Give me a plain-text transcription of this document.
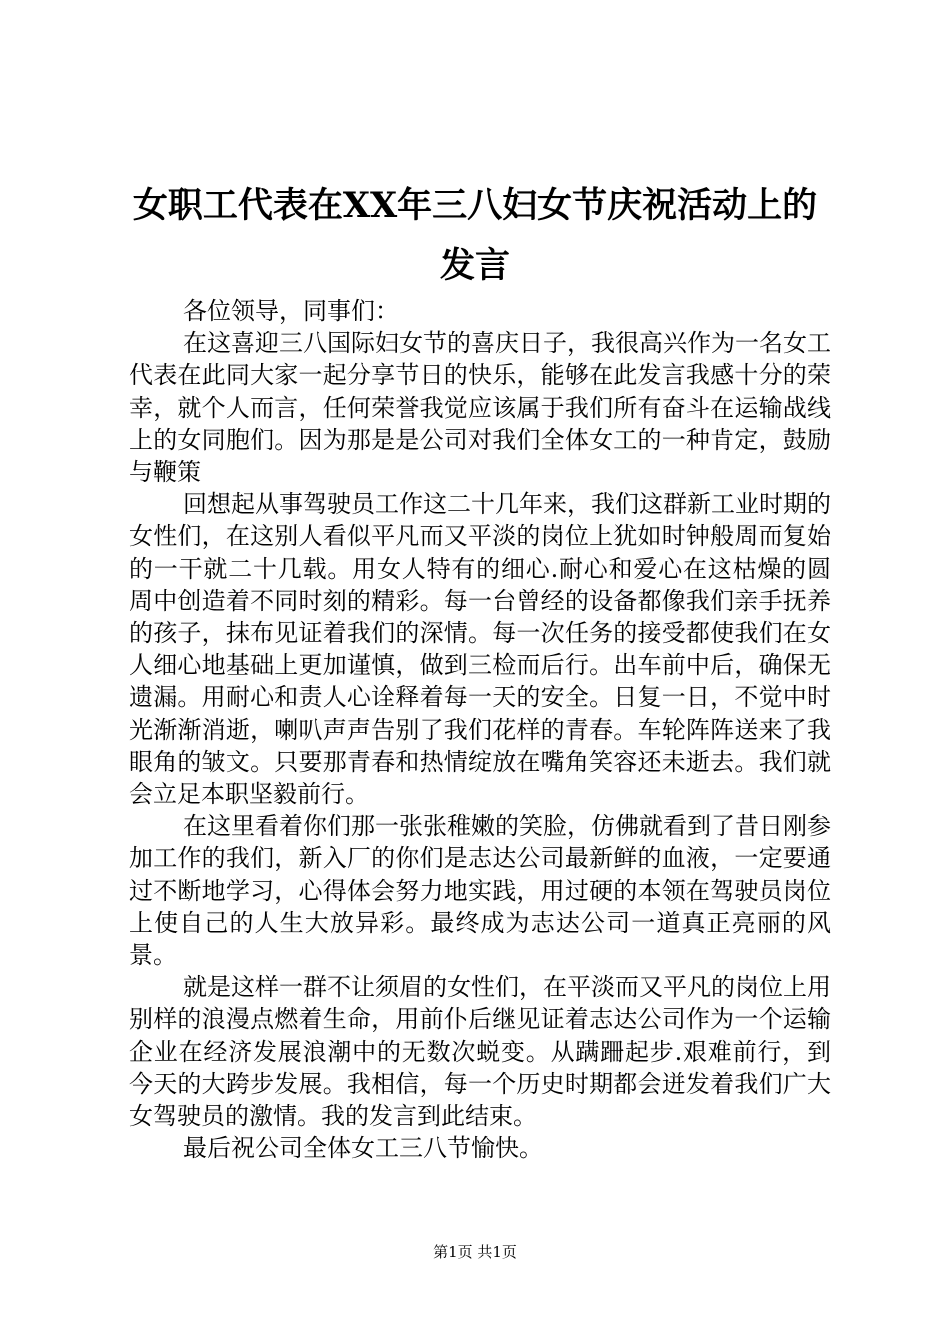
女职工代表在XX年三八妇女节庆祝活动上的发言

各位领导，同事们：

在这喜迎三八国际妇女节的喜庆日子，我很高兴作为一名女工代表在此同大家一起分享节日的快乐，能够在此发言我感十分的荣幸，就个人而言，任何荣誉我觉应该属于我们所有奋斗在运输战线上的女同胞们。因为那是是公司对我们全体女工的一种肯定，鼓励与鞭策

回想起从事驾驶员工作这二十几年来，我们这群新工业时期的女性们，在这别人看似平凡而又平淡的岗位上犹如时钟般周而复始的一干就二十几载。用女人特有的细心.耐心和爱心在这枯燥的圆周中创造着不同时刻的精彩。每一台曾经的设备都像我们亲手抚养的孩子，抹布见证着我们的深情。每一次任务的接受都使我们在女人细心地基础上更加谨慎，做到三检而后行。出车前中后，确保无遗漏。用耐心和责人心诠释着每一天的安全。日复一日，不觉中时光渐渐消逝，喇叭声声告别了我们花样的青春。车轮阵阵送来了我眼角的皱文。只要那青春和热情绽放在嘴角笑容还未逝去。我们就会立足本职坚毅前行。

在这里看着你们那一张张稚嫩的笑脸，仿佛就看到了昔日刚参加工作的我们，新入厂的你们是志达公司最新鲜的血液，一定要通过不断地学习，心得体会努力地实践，用过硬的本领在驾驶员岗位上使自己的人生大放异彩。最终成为志达公司一道真正亮丽的风景。

就是这样一群不让须眉的女性们，在平淡而又平凡的岗位上用别样的浪漫点燃着生命，用前仆后继见证着志达公司作为一个运输企业在经济发展浪潮中的无数次蜕变。从蹒跚起步.艰难前行，到今天的大跨步发展。我相信，每一个历史时期都会迸发着我们广大女驾驶员的激情。我的发言到此结束。

最后祝公司全体女工三八节愉快。

第1页 共1页
